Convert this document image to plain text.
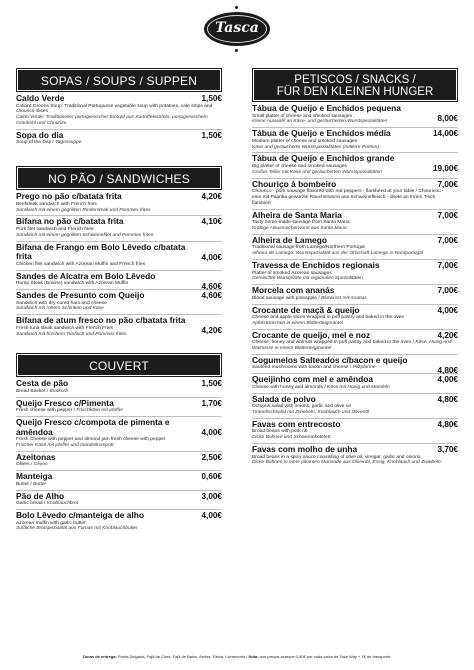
Tasca
SOPAS / SOUPS / SUPPEN
1,50€
Caldo Verde
Collard Greens Soup: Traditional Portuguese vegetable soup with potatoes, cale strips and chourico slices
Caldo Verde: Traditioneller portugiesischer Eintopf aus Kartoffelwürfeln, portugiesischem Grünkohl und Chourizo
1,50€
Sopa do dia
Soup of the Day / Tagessuppe
NO PÃO / SANDWICHES
4,20€
Prego no pão c/batata frita
Beefsteak sandwich with French fries
Sandwich mit einem gegrillten Rindersteak und Pommes frites
4,10€
Bifana no pão c/batata frita
Pork filet sandwich and French fries
Sandwich mit einem gegrillten Schweinefilet und Pommes frites
4,00€
Bifana de Frango em Bolo Lêvedo c/batata frita
Chicken filet sandwich with Azorean Muffin and French fries
4,60€
Sandes de Alcatra em Bolo Lêvedo
Rump Steak (Bovine) sandwich with Azorean Muffin
4,60€
Sandes de Presunto com Queijo
Sandwich with dry-cured ham and cheese
Sandwich mit rohem Schinken und Käse
4,20€
Bifana de atum fresco no pão c/batata frita
Fresh tuna steak sandwich with French Fries
Sandwich mit frischem Tunfisch und Pommes frites
COUVERT
1,50€
Cesta de pão
Bread Basket / Brotkorb
1,70€
Queijo Fresco c/Pimenta
Fresh cheese with pepper / Frischkäse mit pfeffer
4,00€
Queijo Fresco c/compota de pimenta e amêndoa
Fresh Cheese with pepper and almond jam fresh cheese with pepper
Frischer Käse mit pfeffer und mandelkompott
2,50€
Azeitonas
Olives / Oliven
0,60€
Manteiga
Butter / Butter
3,00€
Pão de Alho
Garlic bread / Knoblauchbrot
4,00€
Bolo Lêvedo c/manteiga de alho
Azorean muffin with garlic butter
Süßliche Brotspezialität aus Furnas mit Knoblauchbutter
PETISCOS / SNACKS /
FÜR DEN KLEINEN HUNGER
8,00€
Tábua de Queijo e Enchidos pequena
Small platter of cheese and smoked sausages
Kleine Auswahl an Käse- und geräucherten Wurstspezialitäten
14,00€
Tábua de Queijo e Enchidos média
Medium platter of cheese and smoked sausages
Käse und geräucherte Wurstspezialitäten (mittlere Portion)
19,00€
Tábua de Queijo e Enchidos grande
Big platter of cheese and smoked sausages
Großer Teller mit Käse und geräucherten Wurstspezialitäten
7,00€
Chouriço à bombeiro
Chourico - pork sausage flavored with red peppers - flambéed at your table / Chouricou - eine mit Paprika gewürzte Räucherwurst aus Schweinefleisch - direkt an Ihrem Tisch flambiert
7,00€
Alheira de Santa Maria
Tasty home-made sausage from Santa Maria
Kräftige Hausmacherwurst aus Santa Maria
7,00€
Alheira de Lamego
Traditional sausage from Lamego/Northern Portugal
Alheira de Lamego: Wurstspezialität aus der Ortschaft Lamego in Nordportugal
7,00€
Travessa de Enchidos regionais
Platter of smoked Azorean sausages
Gemischte Wurstplatte mit regionalen Spezialitäten
7,00€
Morcela com ananás
Blood sausage with pineapple / Blutwurst mit Ananas
4,00€
Crocante de maçã & queijo
Cheese and apple slices wrapped in puff pastry and baked in the oven
Apfelstückchen in einem Blätterteigmantel
4,20€
Crocante de queijo, mel e noz
Cheese, honey and walnuts wrapped in puff pastry and baked in the oven / Käse, Honig und Walnüsse in einem Blätterteigmantel
4,80€
Cogumelos Salteados c/bacon e queijo
Sautéed mushrooms with bacon and cheese / Pilzpfanne
4,00€
Queijinho com mel e amêndoa
Cheese with honey and almonds / Käse mit Honig und Mandeln
4,80€
Salada de polvo
Octopus salad with onions, garlic and olive oil
Tintenfischsalat mit Zwiebeln, Knoblauch und Olivenöl
4,80€
Favas com entrecosto
Broad beans with pork rib
Dicke Bohnen und Schweinekotelett
3,70€
Favas com molho de unha
Broad beans in a spicy sauce consisting of olive oil, vinegar, garlic and onions
Dicke Bohnen in einer pikanten Marinade aus Olivenöl, Essig, Knoblauch und Zwiebeln
Zonas de entrega: Ponta Delgada, Fajã de Cima, Fajã de Baixo, Arrifes, Relva, Livramento / Nota: aos preços acresce 0,50€ por cada caixa de Take Way + 1€ de transporte.
